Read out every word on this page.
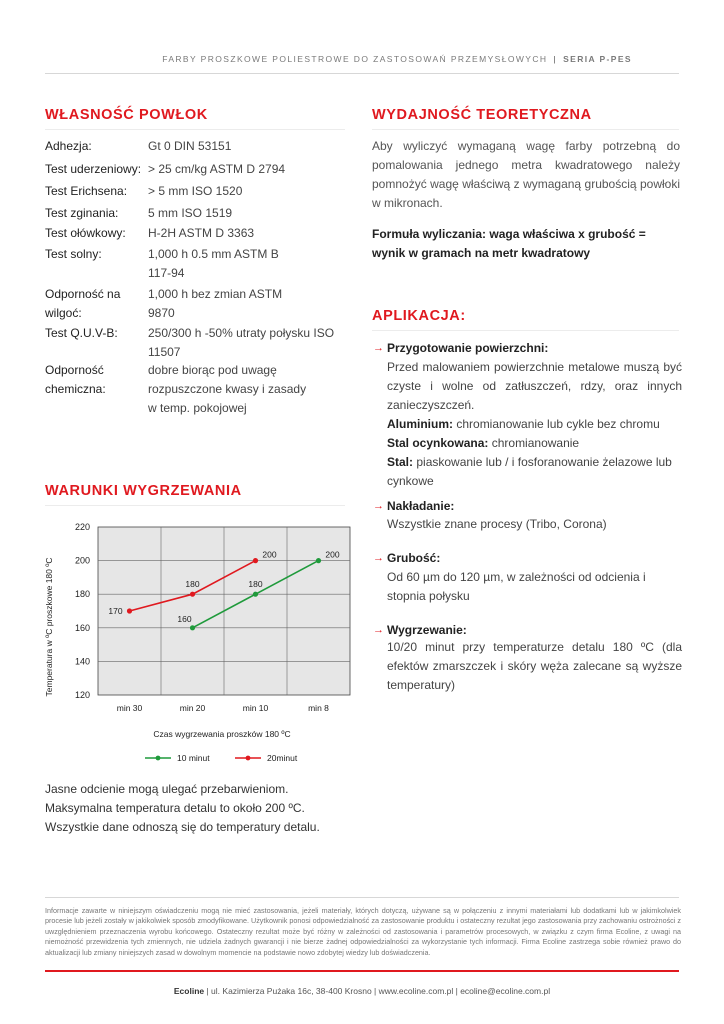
FARBY PROSZKOWE POLIESTROWE DO ZASTOSOWAŃ PRZEMYSŁOWYCH | SERIA P-PES
WŁASNOŚĆ POWŁOK
Adhezja:	Gt 0 DIN 53151
Test uderzeniowy: > 25 cm/kg ASTM D 2794
Test Erichsena:	> 5 mm ISO 1520
Test zginania:	5 mm ISO 1519
Test ołówkowy:	H-2H ASTM D 3363
Test solny:	1,000 h 0.5 mm ASTM B 117-94
Odporność na wilgoć:
1,000 h bez zmian ASTM 9870
Test Q.U.V-B:	250/300 h -50% utraty połysku ISO 11507
Odporność chemiczna:
dobre biorąc pod uwagę rozpuszczone kwasy i zasady w temp. pokojowej
WYDAJNOŚĆ TEORETYCZNA
Aby wyliczyć wymaganą wagę farby potrzebną do pomalowania jednego metra kwadratowego należy pomnożyć wagę właściwą z wymaganą grubością powłoki w mikronach.
Formuła wyliczania: waga właściwa x grubość = wynik w gramach na metr kwadratowy
APLIKACJA:
→ Przygotowanie powierzchni:
Przed malowaniem powierzchnie metalowe muszą być czyste i wolne od zatłuszczeń, rdzy, oraz innych zanieczyszczeń.
Aluminium: chromianowanie lub cykle bez chromu
Stal ocynkowana: chromianowanie
Stal: piaskowanie lub / i fosforanowanie żelazowe lub cynkowe
→ Nakładanie:
Wszystkie znane procesy (Tribo, Corona)
→ Grubość:
Od 60 µm do 120 µm, w zależności od odcienia i stopnia połysku
→ Wygrzewanie:
10/20 minut przy temperaturze detalu 180 ºC (dla efektów zmarszczek i skóry węża zalecane są wyższe temperatury)
WARUNKI WYGRZEWANIA
120
140
160
180
200
220
min 30	min 20	min 10	min 8
160
180
200
170
180
200
Temperatura w ºC proszkowe 180 ºC
Czas wygrzewania proszków 180 ºC
10 minut	20minut
Jasne odcienie mogą ulegać przebarwieniom.
Maksymalna temperatura detalu to około 200 ºC.
Wszystkie dane odnoszą się do temperatury detalu.
Informacje zawarte w niniejszym oświadczeniu mogą nie mieć zastosowania, jeżeli materiały, których dotyczą, używane są w połączeniu z innymi materiałami lub dodatkami lub w jakimkolwiek procesie lub jeżeli zostały w jakikolwiek sposób zmodyfikowane. Użytkownik ponosi odpowiedzialność za zastosowanie produktu i ostateczny rezultat jego zastosowania przy zachowaniu ostrożności z uwzględnieniem przeznaczenia wyrobu końcowego. Ostateczny rezultat może być różny w zależności od zastosowania i parametrów procesowych, w związku z czym firma Ecoline, z uwagi na niemożność przewidzenia tych zmiennych, nie udziela żadnych gwarancji i nie bierze żadnej odpowiedzialności za wykorzystanie tych informacji. Firma Ecoline zastrzega sobie również prawo do aktualizacji lub zmiany niniejszych zasad w dowolnym momencie na podstawie nowo zdobytej wiedzy lub doświadczenia.
Ecoline | ul. Kazimierza Pużaka 16c, 38-400 Krosno | www.ecoline.com.pl | ecoline@ecoline.com.pl
